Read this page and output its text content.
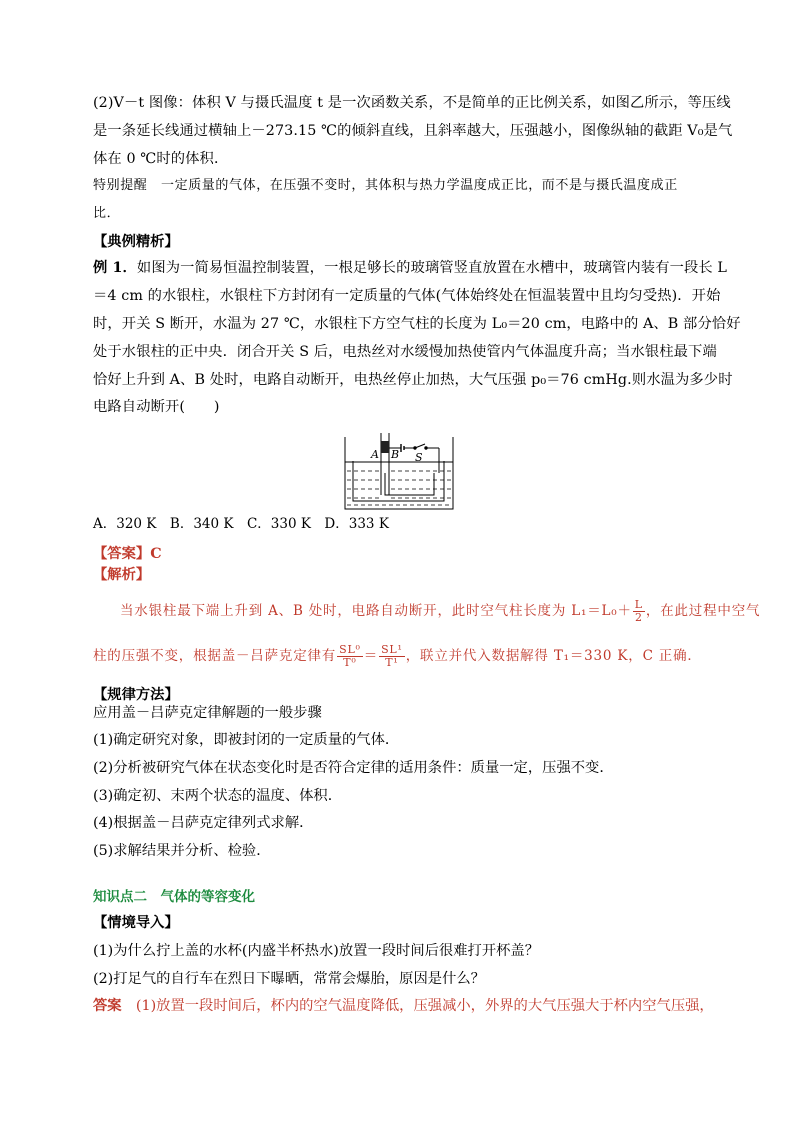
(2)V－t 图像：体积 V 与摄氏温度 t 是一次函数关系，不是简单的正比例关系，如图乙所示，等压线
是一条延长线通过横轴上－273.15 ℃的倾斜直线，且斜率越大，压强越小，图像纵轴的截距 V₀是气
体在 0 ℃时的体积．
特别提醒　一定质量的气体，在压强不变时，其体积与热力学温度成正比，而不是与摄氏温度成正
比．
【典例精析】
例 1．如图为一简易恒温控制装置，一根足够长的玻璃管竖直放置在水槽中，玻璃管内装有一段长 L
＝4 cm 的水银柱，水银柱下方封闭有一定质量的气体(气体始终处在恒温装置中且均匀受热)．开始
时，开关 S 断开，水温为 27 ℃，水银柱下方空气柱的长度为 L₀＝20 cm，电路中的 A、B 部分恰好
处于水银柱的正中央．闭合开关 S 后，电热丝对水缓慢加热使管内气体温度升高；当水银柱最下端
恰好上升到 A、B 处时，电路自动断开，电热丝停止加热，大气压强 p₀＝76 cmHg.则水温为多少时
电路自动断开(　　)
A B S
A．320 K　B．340 K　C．330 K　D．333 K
【答案】C
【解析】
当水银柱最下端上升到 A、B 处时，电路自动断开，此时空气柱长度为 $L_1=L_0+ \frac{L}{2}$ ，在此过程中空气
柱的压强不变，根据盖－吕萨克定律有 $\frac{\text{SL⁰}}{\text{T⁰}} = \frac{\text{SL¹}}{\text{T¹}}$ ，联立并代入数据解得 T₁＝330 K，C 正确．
【规律方法】
应用盖－吕萨克定律解题的一般步骤
(1)确定研究对象，即被封闭的一定质量的气体．
(2)分析被研究气体在状态变化时是否符合定律的适用条件：质量一定，压强不变．
(3)确定初、末两个状态的温度、体积．
(4)根据盖－吕萨克定律列式求解．
(5)求解结果并分析、检验．
知识点二　气体的等容变化
【情境导入】
(1)为什么拧上盖的水杯(内盛半杯热水)放置一段时间后很难打开杯盖？
(2)打足气的自行车在烈日下曝晒，常常会爆胎，原因是什么？
答案　 (1)放置一段时间后，杯内的空气温度降低，压强减小，外界的大气压强大于杯内空气压强，
